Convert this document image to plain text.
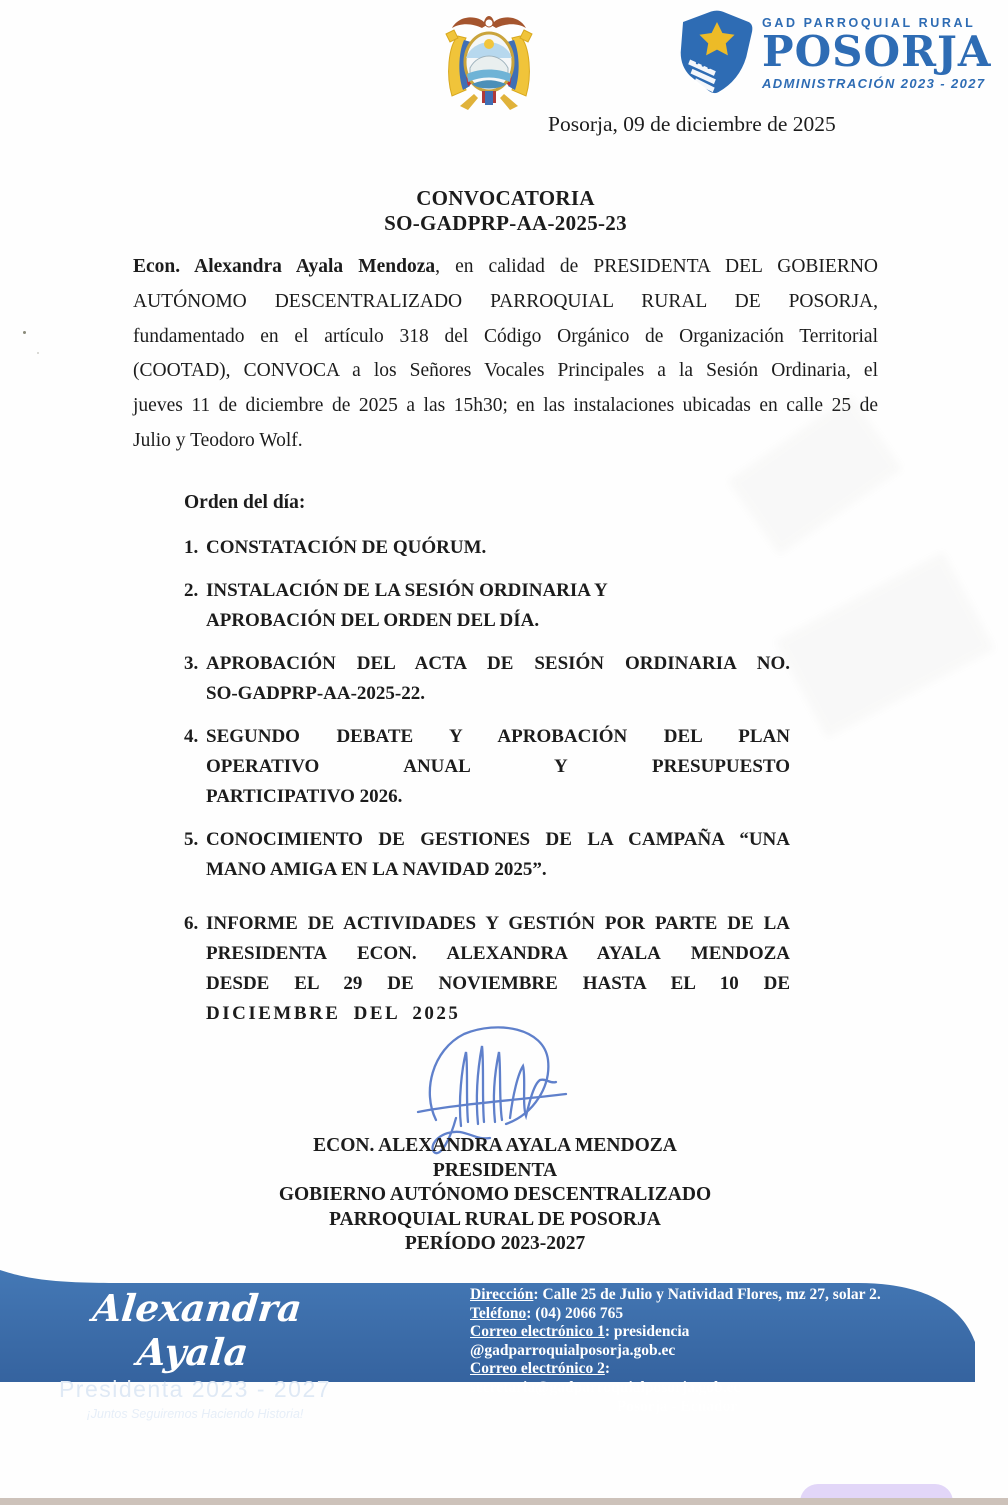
GAD PARROQUIAL RURAL
POSORJA
ADMINISTRACIÓN 2023 - 2027
Posorja, 09 de diciembre de 2025
CONVOCATORIA
SO-GADPRP-AA-2025-23
Econ. Alexandra Ayala Mendoza, en calidad de PRESIDENTA DEL GOBIERNO
AUTÓNOMO DESCENTRALIZADO PARROQUIAL RURAL DE POSORJA,
fundamentado en el artículo 318 del Código Orgánico de Organización Territorial
(COOTAD), CONVOCA a los Señores Vocales Principales a la Sesión Ordinaria, el
jueves 11 de diciembre de 2025 a las 15h30; en las instalaciones ubicadas en calle 25 de
Julio y Teodoro Wolf.
Orden del día:
1. CONSTATACIÓN DE QUÓRUM.
2. INSTALACIÓN DE LA SESIÓN ORDINARIA Y
APROBACIÓN DEL ORDEN DEL DÍA.
3. APROBACIÓN DEL ACTA DE SESIÓN ORDINARIA NO.
SO-GADPRP-AA-2025-22.
4. SEGUNDO DEBATE Y APROBACIÓN DEL PLAN
OPERATIVO ANUAL Y PRESUPUESTO
PARTICIPATIVO 2026.
5. CONOCIMIENTO DE GESTIONES DE LA CAMPAÑA “UNA
MANO AMIGA EN LA NAVIDAD 2025”.
6. INFORME DE ACTIVIDADES Y GESTIÓN POR PARTE DE LA
PRESIDENTA ECON. ALEXANDRA AYALA MENDOZA
DESDE EL 29 DE NOVIEMBRE HASTA EL 10 DE
DICIEMBRE DEL 2025
ECON. ALEXANDRA AYALA MENDOZA
PRESIDENTA
GOBIERNO AUTÓNOMO DESCENTRALIZADO
PARROQUIAL RURAL DE POSORJA
PERÍODO 2023-2027
Alexandra Ayala
Presidenta 2023 - 2027
¡Juntos Seguiremos Haciendo Historia!
Dirección: Calle 25 de Julio y Natividad Flores, mz 27, solar 2.
Teléfono: (04) 2066 765
Correo electrónico 1: presidencia @gadparroquialposorja.gob.ec
Correo electrónico 2: secretaria@gadparroquialposorja.gob.ec
Posorja - Ecuador
